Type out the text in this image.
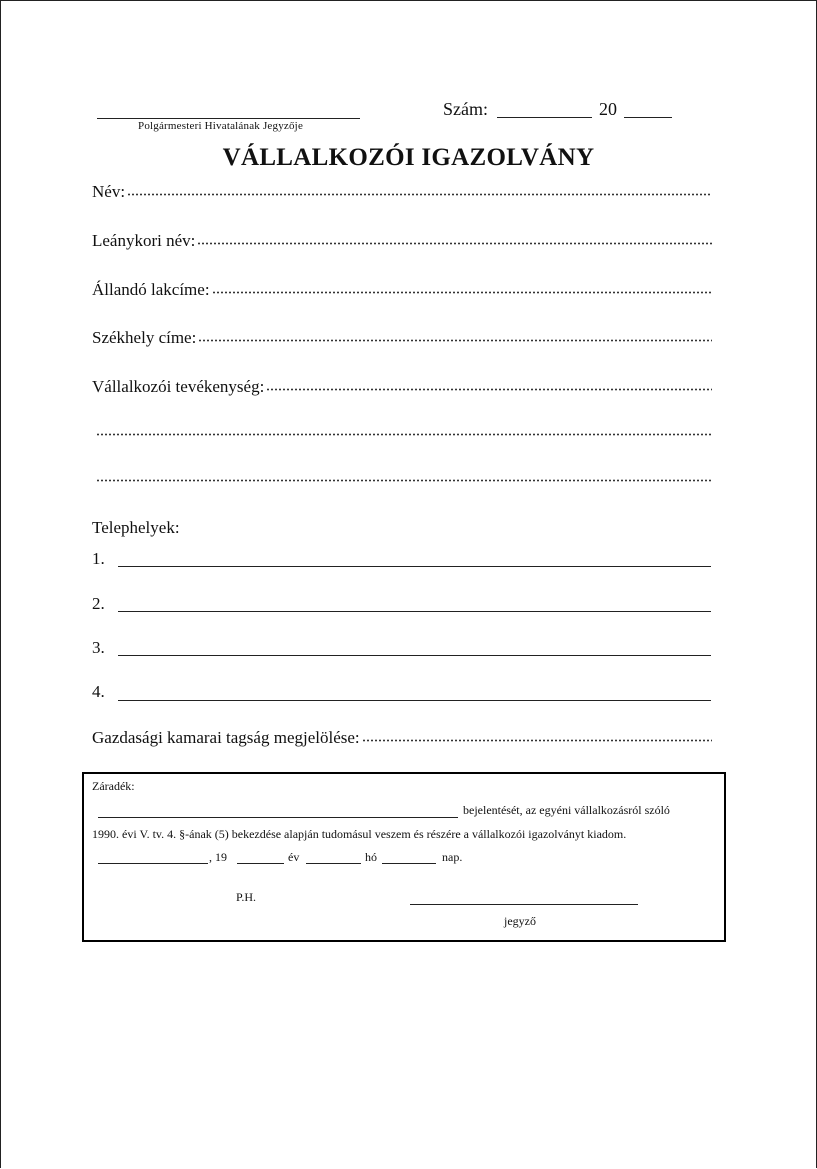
Polgármesteri Hivatalának Jegyzője
Szám:	20
VÁLLALKOZÓI IGAZOLVÁNY
Név:
Leánykori név:
Állandó lakcíme:
Székhely címe:
Vállalkozói tevékenység:
Telephelyek:
1.
2.
3.
4.
Gazdasági kamarai tagság megjelölése:
Záradék:
bejelentését, az egyéni vállalkozásról szóló
1990. évi V. tv. 4. §-ának (5) bekezdése alapján tudomásul veszem és részére a vállalkozói igazolványt kiadom.
, 19	év	hó	nap.
P.H.
jegyző
